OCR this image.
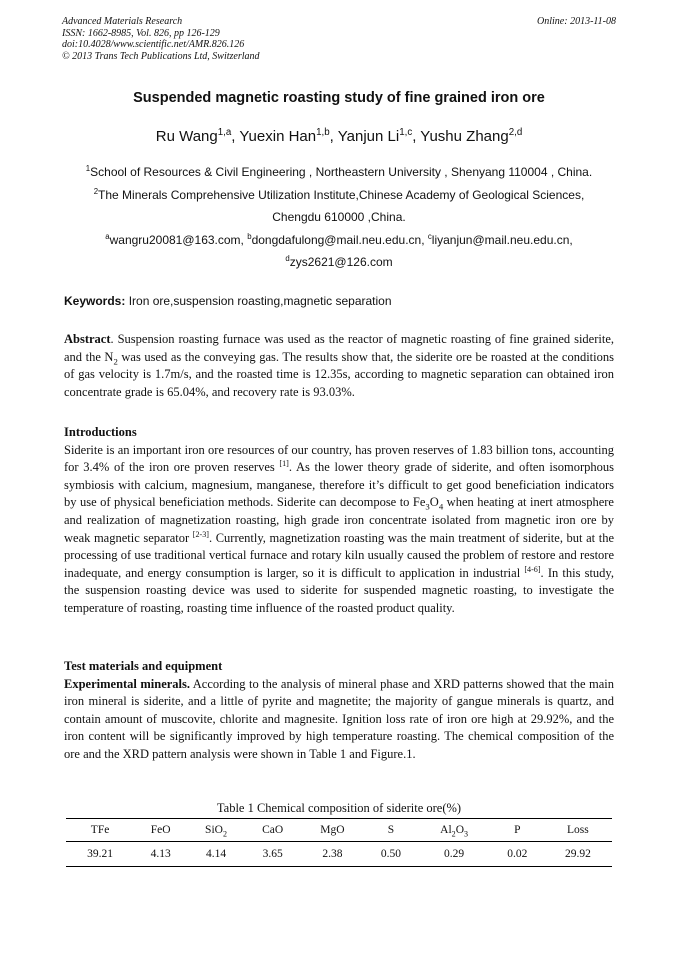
Advanced Materials Research
ISSN: 1662-8985, Vol. 826, pp 126-129
doi:10.4028/www.scientific.net/AMR.826.126
© 2013 Trans Tech Publications Ltd, Switzerland
Online: 2013-11-08
Suspended magnetic roasting study of fine grained iron ore
Ru Wang$^{1,a}$, Yuexin Han$^{1,b}$, Yanjun Li$^{1,c}$, Yushu Zhang$^{2,d}$
$^1$School of Resources & Civil Engineering , Northeastern University , Shenyang 110004 , China.
$^2$The Minerals Comprehensive Utilization Institute,Chinese Academy of Geological Sciences,
Chengdu 610000 ,China.
$^a$wangru20081@163.com, $^b$dongdafulong@mail.neu.edu.cn, $^c$liyanjun@mail.neu.edu.cn,
$^d$zys2621@126.com
Keywords: Iron ore,suspension roasting,magnetic separation
Abstract. Suspension roasting furnace was used as the reactor of magnetic roasting of fine grained siderite, and the $N_2$ was used as the conveying gas. The results show that, the siderite ore be roasted at the conditions of gas velocity is 1.7m/s, and the roasted time is 12.35s, according to magnetic separation can obtained iron concentrate grade is 65.04%, and recovery rate is 93.03%.
Introductions
Siderite is an important iron ore resources of our country, has proven reserves of 1.83 billion tons, accounting for 3.4% of the iron ore proven reserves [1]. As the lower theory grade of siderite, and often isomorphous symbiosis with calcium, magnesium, manganese, therefore it’s difficult to get good beneficiation indicators by use of physical beneficiation methods. Siderite can decompose to $Fe_3O_4$ when heating at inert atmosphere and realization of magnetization roasting, high grade iron concentrate isolated from magnetic iron ore by weak magnetic separator [2-3]. Currently, magnetization roasting was the main treatment of siderite, but at the processing of use traditional vertical furnace and rotary kiln usually caused the problem of restore and restore inadequate, and energy consumption is larger, so it is difficult to application in industrial [4-6]. In this study, the suspension roasting device was used to siderite for suspended magnetic roasting, to investigate the temperature of roasting, roasting time influence of the roasted product quality.
Test materials and equipment
Experimental minerals. According to the analysis of mineral phase and XRD patterns showed that the main iron mineral is siderite, and a little of pyrite and magnetite; the majority of gangue minerals is quartz, and contain amount of muscovite, chlorite and magnesite. Ignition loss rate of iron ore high at 29.92%, and the iron content will be significantly improved by high temperature roasting. The chemical composition of the ore and the XRD pattern analysis were shown in Table 1 and Figure.1.
Table 1 Chemical composition of siderite ore(%)
TFe	FeO	SiO$_2$	CaO	MgO	S	$Al_2O_3$	P	Loss
39.21	4.13	4.14	3.65	2.38	0.50	0.29	0.02	29.92
